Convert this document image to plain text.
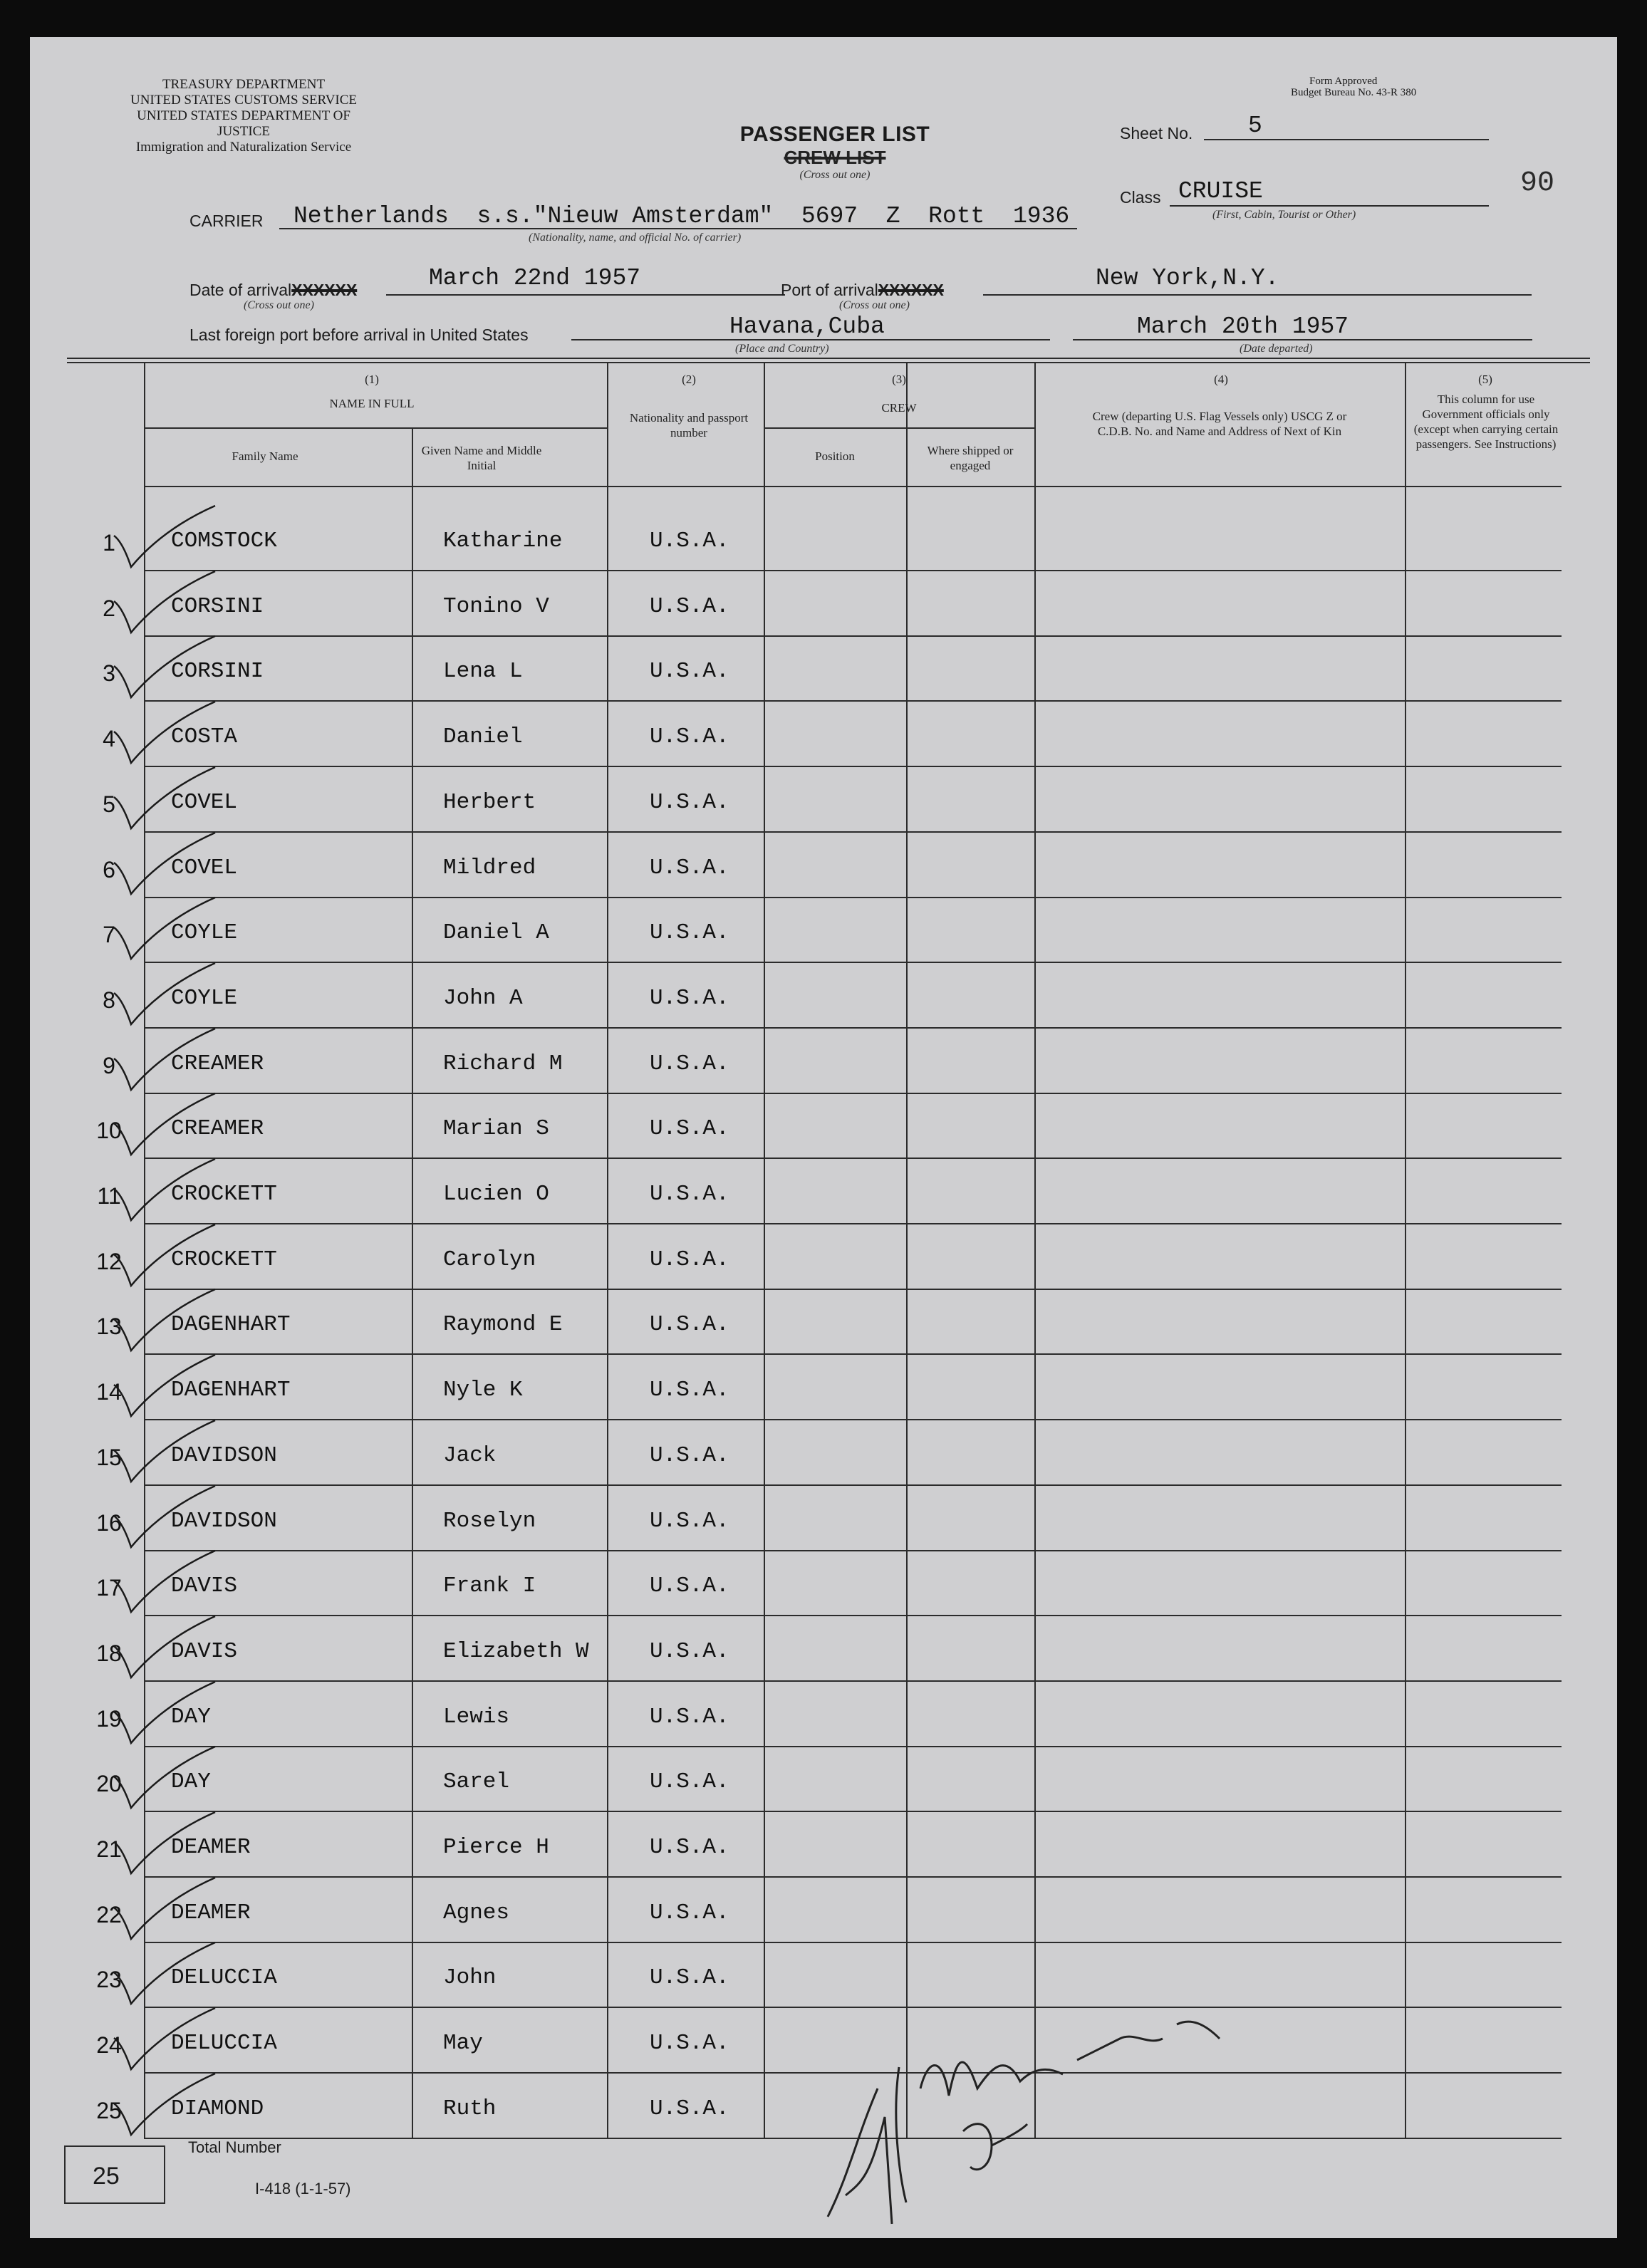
TREASURY DEPARTMENT
UNITED STATES CUSTOMS SERVICE
UNITED STATES DEPARTMENT OF JUSTICE
Immigration and Naturalization Service
Form Approved
Budget Bureau No. 43-R 380
PASSENGER LIST
CREW LIST
(Cross out one)
Sheet No. 5
Class CRUISE
(First, Cabin, Tourist or Other)
90
CARRIER Netherlands  s.s."Nieuw Amsterdam"  5697  Z  Rott  1936
(Nationality, name, and official No. of carrier)
Date of arrivalXXXXXX
(Cross out one)
March 22nd 1957	Port of arrivalXXXXXX
(Cross out one)
New York,N.Y.
Last foreign port before arrival in United States	Havana,Cuba
(Place and Country)
March 20th 1957
(Date departed)
(1)
NAME IN FULL
Family Name	Given Name and Middle Initial
(2)
Nationality and passport number
(3)
CREW
Position	Where shipped or engaged
(4)
Crew (departing U.S. Flag Vessels only) USCG Z or C.D.B. No. and Name and Address of Next of Kin
(5)
This column for use Government officials only (except when carrying certain passengers. See Instructions)
1	COMSTOCK	Katharine	U.S.A.
2	CORSINI	Tonino V	U.S.A.
3	CORSINI	Lena L	U.S.A.
4	COSTA	Daniel	U.S.A.
5	COVEL	Herbert	U.S.A.
6	COVEL	Mildred	U.S.A.
7	COYLE	Daniel A	U.S.A.
8	COYLE	John A	U.S.A.
9	CREAMER	Richard M	U.S.A.
10	CREAMER	Marian S	U.S.A.
11	CROCKETT	Lucien O	U.S.A.
12	CROCKETT	Carolyn	U.S.A.
13	DAGENHART	Raymond E	U.S.A.
14	DAGENHART	Nyle K	U.S.A.
15	DAVIDSON	Jack	U.S.A.
16	DAVIDSON	Roselyn	U.S.A.
17	DAVIS	Frank I	U.S.A.
18	DAVIS	Elizabeth W	U.S.A.
19	DAY	Lewis	U.S.A.
20	DAY	Sarel	U.S.A.
21	DEAMER	Pierce H	U.S.A.
22	DEAMER	Agnes	U.S.A.
23	DELUCCIA	John	U.S.A.
24	DELUCCIA	May	U.S.A.
25	DIAMOND	Ruth	U.S.A.
25
Total Number
I-418 (1-1-57)
